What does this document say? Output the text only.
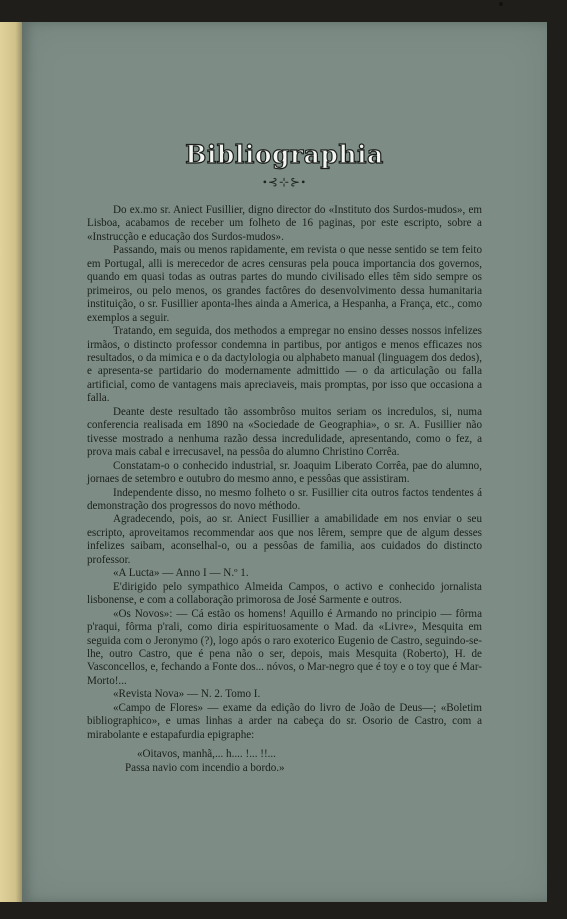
Bibliographia
•⊰⊹⊱•

Do ex.mo sr. Aniect Fusillier, digno director do «Instituto dos Surdos-mudos», em Lisboa, acabamos de receber um folheto de 16 paginas, por este escripto, sobre a «Instrucção e educação dos Surdos-mudos».

Passando, mais ou menos rapidamente, em revista o que nesse sentido se tem feito em Portugal, alli is merecedor de acres censuras pela pouca importancia dos governos, quando em quasi todas as outras partes do mundo civilisado elles têm sido sempre os primeiros, ou pelo menos, os grandes factôres do desenvolvimento dessa humanitaria instituição, o sr. Fusillier aponta-lhes ainda a America, a Hespanha, a França, etc., como exemplos a seguir.

Tratando, em seguida, dos methodos a empregar no ensino desses nossos infelizes irmãos, o distincto professor condemna in partibus, por antigos e menos efficazes nos resultados, o da mimica e o da dactylologia ou alphabeto manual (linguagem dos dedos), e apresenta-se partidario do modernamente admittido — o da articulação ou falla artificial, como de vantagens mais apreciaveis, mais promptas, por isso que occasiona a falla.

Deante deste resultado tão assombrôso muitos seriam os incredulos, si, numa conferencia realisada em 1890 na «Sociedade de Geographia», o sr. A. Fusillier não tivesse mostrado a nenhuma razão dessa incredulidade, apresentando, como o fez, a prova mais cabal e irrecusavel, na pessôa do alumno Christino Corrêa.

Constatam-o o conhecido industrial, sr. Joaquim Liberato Corrêa, pae do alumno, jornaes de setembro e outubro do mesmo anno, e pessôas que assistiram.

Independente disso, no mesmo folheto o sr. Fusillier cita outros factos tendentes á demonstração dos progressos do novo méthodo.

Agradecendo, pois, ao sr. Aniect Fusillier a amabilidade em nos enviar o seu escripto, aproveitamos recommendar aos que nos lêrem, sempre que de algum desses infelizes saibam, aconselhal-o, ou a pessôas de familia, aos cuidados do distincto professor.

«A Lucta» — Anno I — N.º 1.

E'dirigido pelo sympathico Almeida Campos, o activo e conhecido jornalista lisbonense, e com a collaboração primorosa de José Sarmente e outros.

«Os Novos»: — Cá estão os homens! Aquillo é Armando no principio — fôrma p'raqui, fôrma p'rali, como diria espirituosamente o Mad. da «Livre», Mesquita em seguida com o Jeronymo (?), logo após o raro exoterico Eugenio de Castro, seguindo-se-lhe, outro Castro, que é pena não o ser, depois, mais Mesquita (Roberto), H. de Vasconcellos, e, fechando a Fonte dos... nóvos, o Mar-negro que é toy e o toy que é Mar-Morto!...

«Revista Nova» — N. 2. Tomo I.

«Campo de Flores» — exame da edição do livro de João de Deus—; «Boletim bibliographico», e umas linhas a arder na cabeça do sr. Osorio de Castro, com a mirabolante e estapafurdia epigraphe:

«Oitavos, manhã,... h.... !... !!...

Passa navio com incendio a bordo.»
